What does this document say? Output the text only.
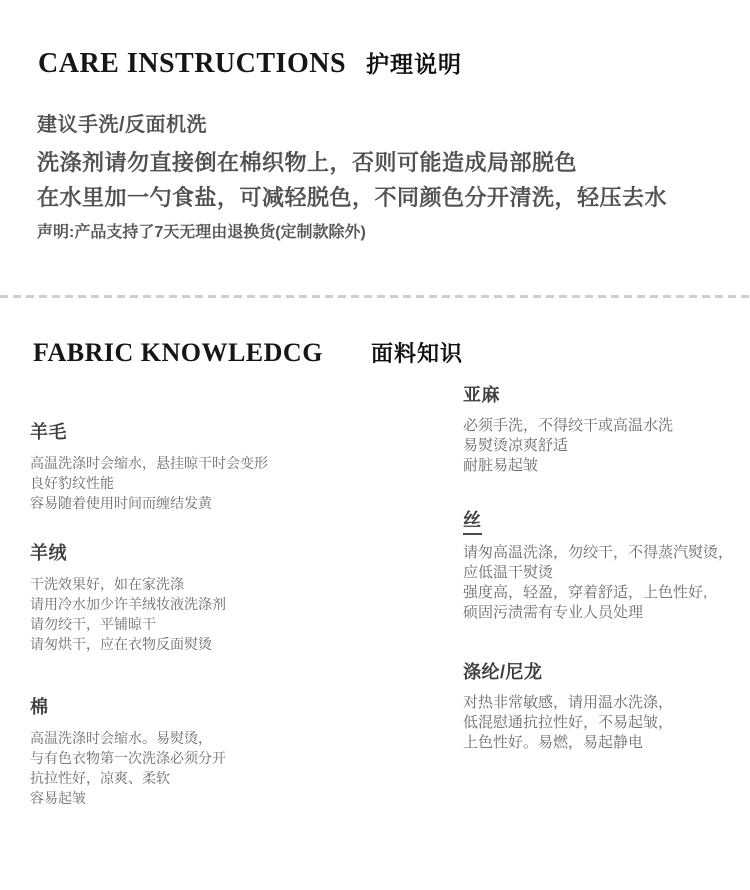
CARE INSTRUCTIONS 护理说明
建议手洗/反面机洗
洗涤剂请勿直接倒在棉织物上，否则可能造成局部脱色
在水里加一勺食盐，可减轻脱色，不同颜色分开清洗，轻压去水
声明:产品支持了7天无理由退换货(定制款除外)
FABRIC KNOWLEDCG 面料知识
羊毛

高温洗涤时会缩水，悬挂晾干时会变形

良好豹纹性能

容易随着使用时间而缠结发黄

羊绒

干洗效果好，如在家洗涤

请用冷水加少许羊绒妆液洗涤剂

请勿绞干，平铺晾干

请匆烘干，应在衣物反面熨烫

棉

高温洗涤时会缩水。易熨烫，

与有色衣物第一次洗涤必须分开

抗拉性好，凉爽、柔软

容易起皱

亚麻

必须手洗，不得绞干或高温水洗

易熨烫凉爽舒适

耐脏易起皱

丝

请匆高温洗涤，勿绞干，不得蒸汽熨烫，

应低温干熨烫

强度高，轻盈，穿着舒适，上色性好,

硕固污渍需有专业人员处理

涤纶/尼龙

对热非常敏感，请用温水洗涤，

低混慰通抗拉性好，不易起皱，

上色性好。易燃，易起静电
